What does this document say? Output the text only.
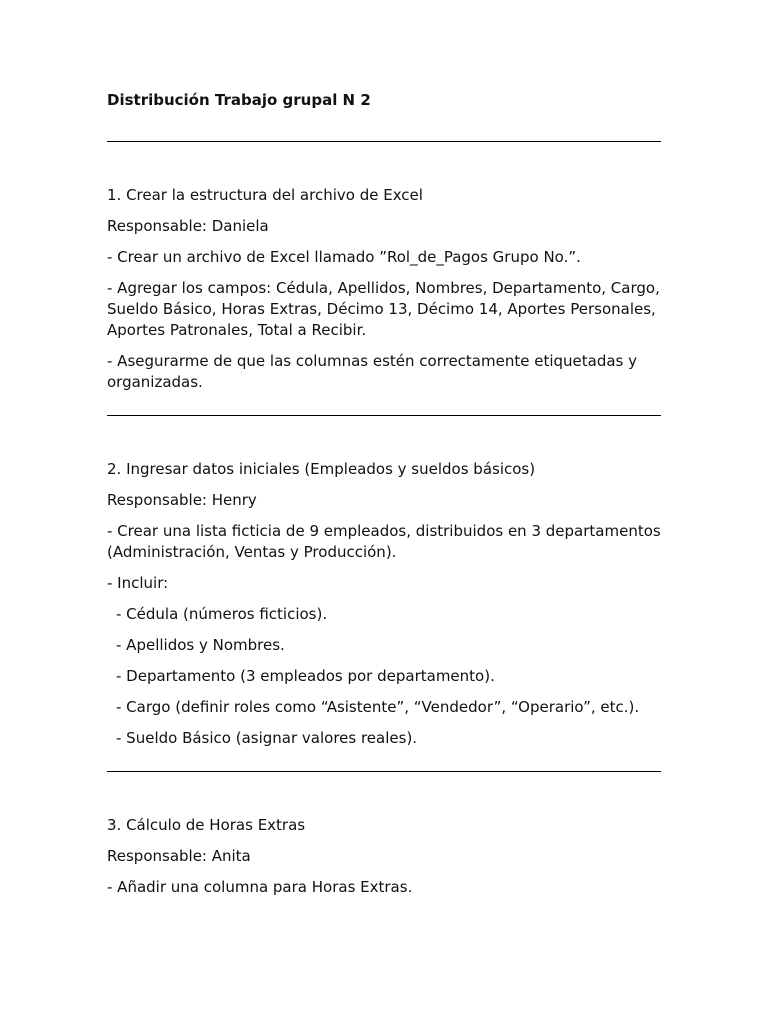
Distribución Trabajo grupal N 2

1. Crear la estructura del archivo de Excel

Responsable: Daniela

- Crear un archivo de Excel llamado ”Rol_de_Pagos Grupo No.”.

- Agregar los campos: Cédula, Apellidos, Nombres, Departamento, Cargo, Sueldo Básico, Horas Extras, Décimo 13, Décimo 14, Aportes Personales, Aportes Patronales, Total a Recibir.

- Asegurarme de que las columnas estén correctamente etiquetadas y organizadas.

2. Ingresar datos iniciales (Empleados y sueldos básicos)

Responsable: Henry

- Crear una lista ficticia de 9 empleados, distribuidos en 3 departamentos (Administración, Ventas y Producción).

- Incluir:

- Cédula (números ficticios).

- Apellidos y Nombres.

- Departamento (3 empleados por departamento).

- Cargo (definir roles como “Asistente”, “Vendedor”, “Operario”, etc.).

- Sueldo Básico (asignar valores reales).

3. Cálculo de Horas Extras

Responsable: Anita

- Añadir una columna para Horas Extras.
